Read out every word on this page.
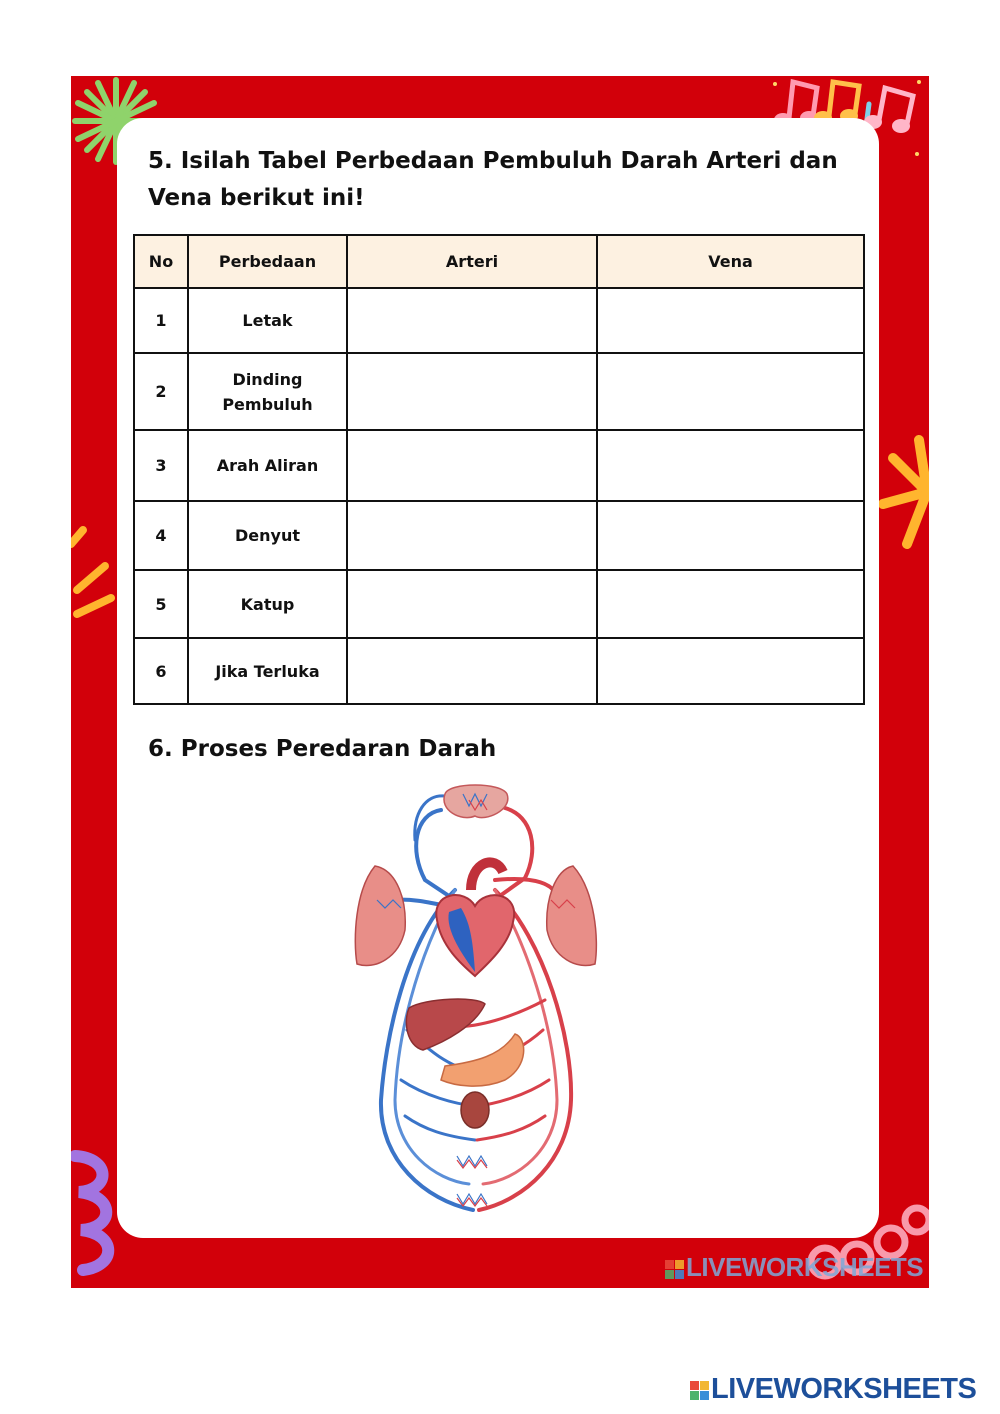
LIVEWORKSHEETS
5. Isilah Tabel Perbedaan Pembuluh Darah Arteri dan
Vena berikut ini!
No	Perbedaan	Arteri	Vena
1	Letak		
2	Dinding Pembuluh		
3	Arah Aliran		
4	Denyut		
5	Katup		
6	Jika Terluka		
6. Proses Peredaran Darah
LIVEWORKSHEETS
